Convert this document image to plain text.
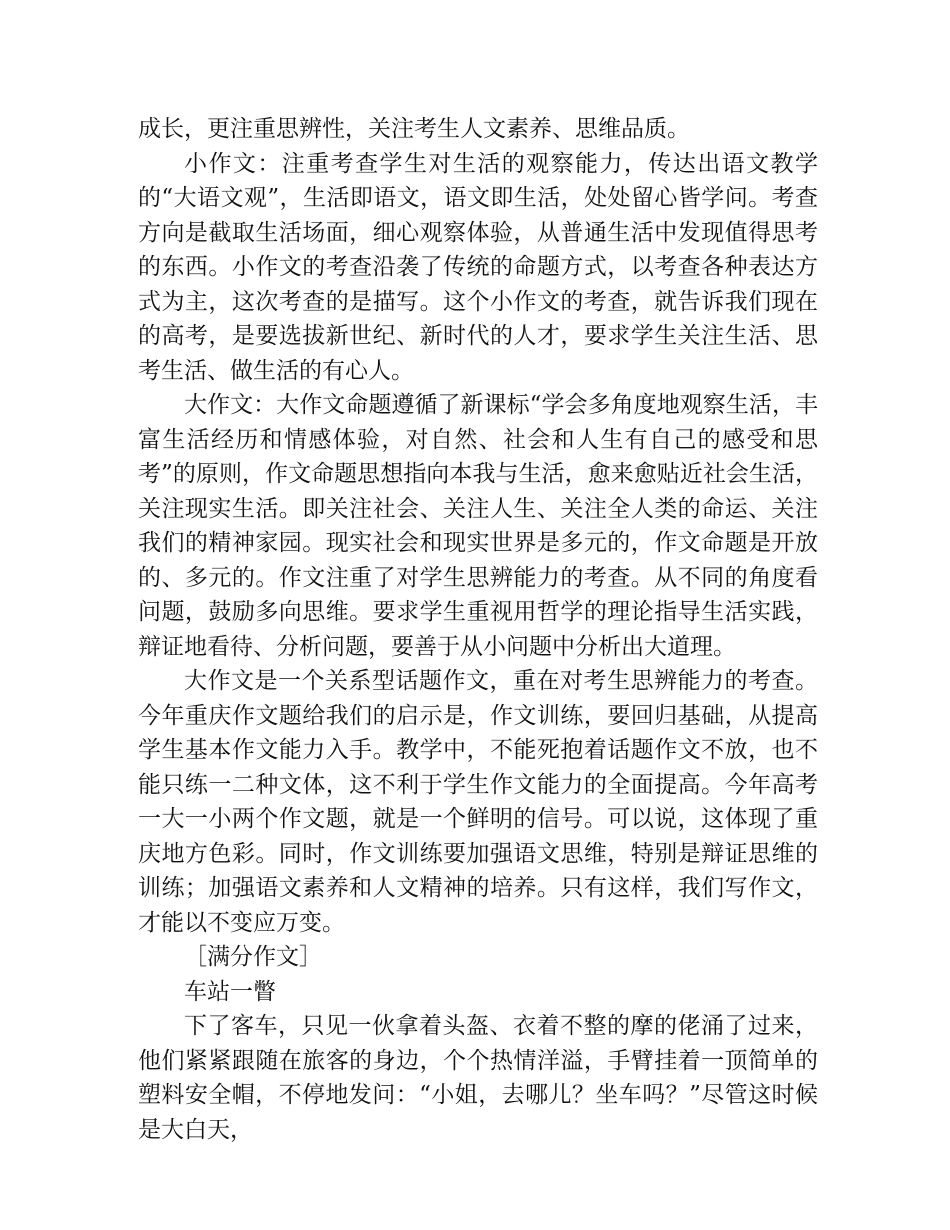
成长，更注重思辨性，关注考生人文素养、思维品质。

小作文：注重考查学生对生活的观察能力，传达出语文教学的“大语文观”，生活即语文，语文即生活，处处留心皆学问。考查方向是截取生活场面，细心观察体验，从普通生活中发现值得思考的东西。小作文的考查沿袭了传统的命题方式，以考查各种表达方式为主，这次考查的是描写。这个小作文的考查，就告诉我们现在的高考，是要选拔新世纪、新时代的人才，要求学生关注生活、思考生活、做生活的有心人。

大作文：大作文命题遵循了新课标“学会多角度地观察生活，丰富生活经历和情感体验，对自然、社会和人生有自己的感受和思考”的原则，作文命题思想指向本我与生活，愈来愈贴近社会生活，关注现实生活。即关注社会、关注人生、关注全人类的命运、关注我们的精神家园。现实社会和现实世界是多元的，作文命题是开放的、多元的。作文注重了对学生思辨能力的考查。从不同的角度看问题，鼓励多向思维。要求学生重视用哲学的理论指导生活实践，辩证地看待、分析问题，要善于从小问题中分析出大道理。

大作文是一个关系型话题作文，重在对考生思辨能力的考查。今年重庆作文题给我们的启示是，作文训练，要回归基础，从提高学生基本作文能力入手。教学中，不能死抱着话题作文不放，也不能只练一二种文体，这不利于学生作文能力的全面提高。今年高考一大一小两个作文题，就是一个鲜明的信号。可以说，这体现了重庆地方色彩。同时，作文训练要加强语文思维，特别是辩证思维的训练；加强语文素养和人文精神的培养。只有这样，我们写作文，才能以不变应万变。

［满分作文］

车站一瞥

下了客车，只见一伙拿着头盔、衣着不整的摩的佬涌了过来，他们紧紧跟随在旅客的身边，个个热情洋溢，手臂挂着一顶简单的塑料安全帽，不停地发问：“小姐，去哪儿？坐车吗？”尽管这时候是大白天，
